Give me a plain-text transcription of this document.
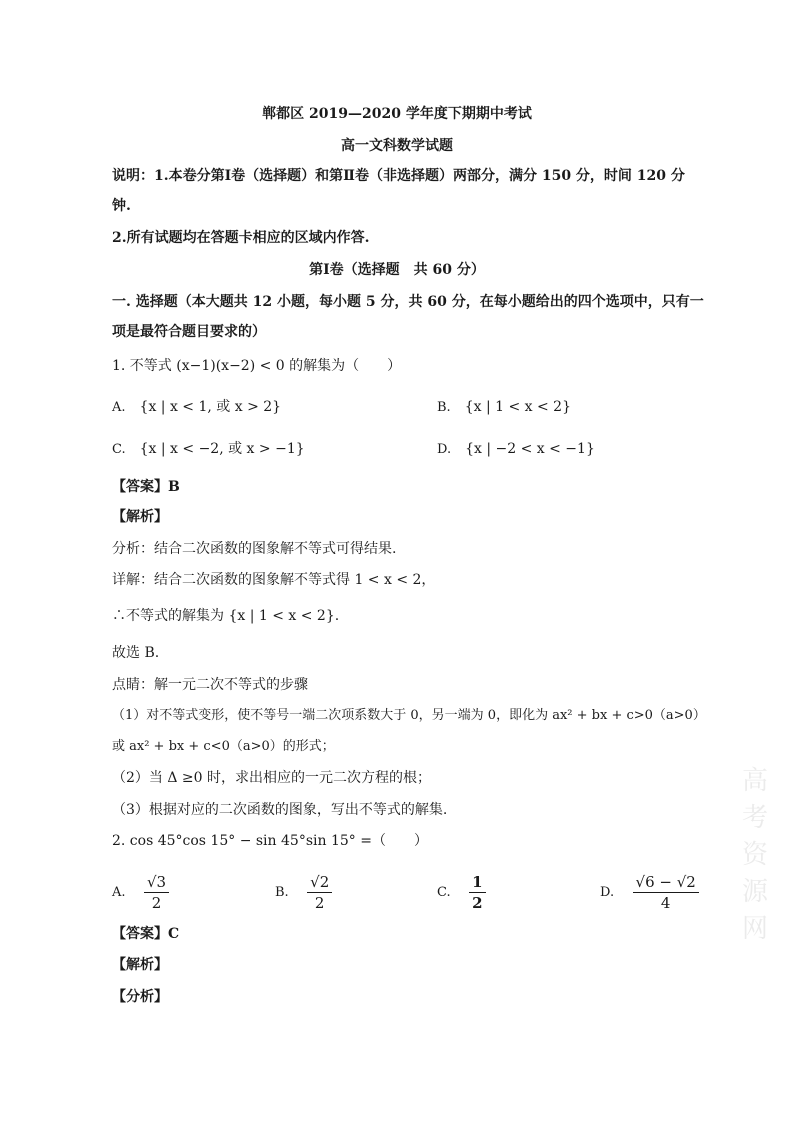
郸都区 2019—2020 学年度下期期中考试
高一文科数学试题
说明：1.本卷分第Ⅰ卷（选择题）和第Ⅱ卷（非选择题）两部分，满分 150 分，时间 120 分
钟.
2.所有试题均在答题卡相应的区域内作答.
第Ⅰ卷（选择题　共 60 分）
一. 选择题（本大题共 12 小题，每小题 5 分，共 60 分，在每小题给出的四个选项中，只有一
项是最符合题目要求的）
1. 不等式 (x−1)(x−2) < 0 的解集为（　　）
A. {x | x < 1, 或 x > 2}	B. {x | 1 < x < 2}
C. {x | x < −2, 或 x > −1}	D. {x | −2 < x < −1}
【答案】B
【解析】
分析：结合二次函数的图象解不等式可得结果.
详解：结合二次函数的图象解不等式得 1 < x < 2，
∴不等式的解集为 {x | 1 < x < 2}.
故选 B.
点睛：解一元二次不等式的步骤
（1）对不等式变形，使不等号一端二次项系数大于 0，另一端为 0，即化为 ax² + bx + c>0（a>0）
或 ax² + bx + c<0（a>0）的形式；
（2）当 Δ ≥0 时，求出相应的一元二次方程的根；
（3）根据对应的二次函数的图象，写出不等式的解集.
2. cos 45°cos 15° − sin 45°sin 15° =（　　）
A. $\frac{√3}{2}$	B. $\frac{√2}{2}$	C. $\frac{1}{2}$	D. $\frac{√6 - √2}{4}$
【答案】C
【解析】
【分析】
高考资源网
